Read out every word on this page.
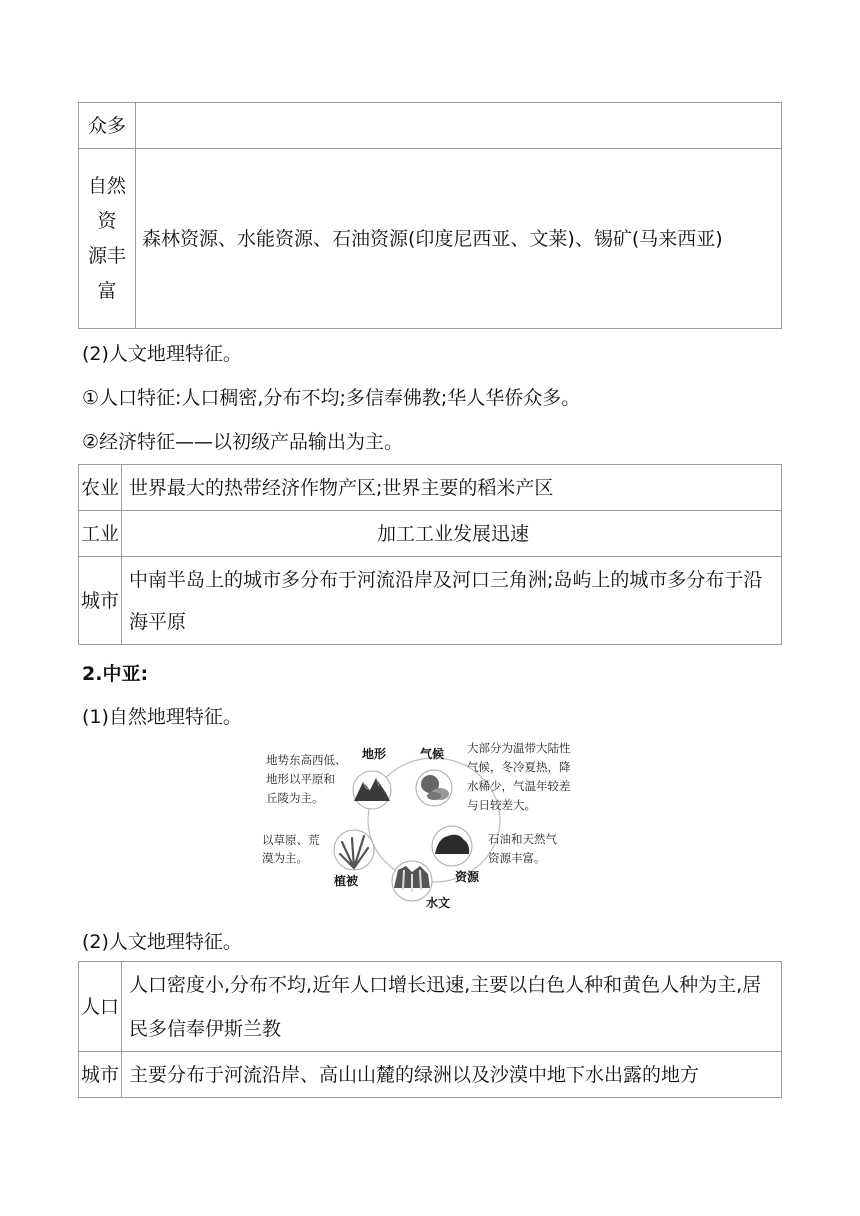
众多	

自然
资
源丰
富	森林资源、水能资源、石油资源(印度尼西亚、文莱)、锡矿(马来西亚)
(2)人文地理特征。
①人口特征:人口稠密,分布不均;多信奉佛教;华人华侨众多。
②经济特征——以初级产品输出为主。
农业	世界最大的热带经济作物产区;世界主要的稻米产区
工业	加工工业发展迅速
城市	中南半岛上的城市多分布于河流沿岸及河口三角洲;岛屿上的城市多分布于沿海平原
2.中亚:
(1)自然地理特征。
地形
地势东高西低、
地形以平原和
丘陵为主。
气候 大部分为温带大陆性
气候，冬冷夏热，降
水稀少，气温年较差
与日较差大。
植被
以草原、荒
漠为主。
资源
石油和天然气
资源丰富。
水文
(2)人文地理特征。
人口	人口密度小,分布不均,近年人口增长迅速,主要以白色人种和黄色人种为主,居民多信奉伊斯兰教
城市	主要分布于河流沿岸、高山山麓的绿洲以及沙漠中地下水出露的地方
